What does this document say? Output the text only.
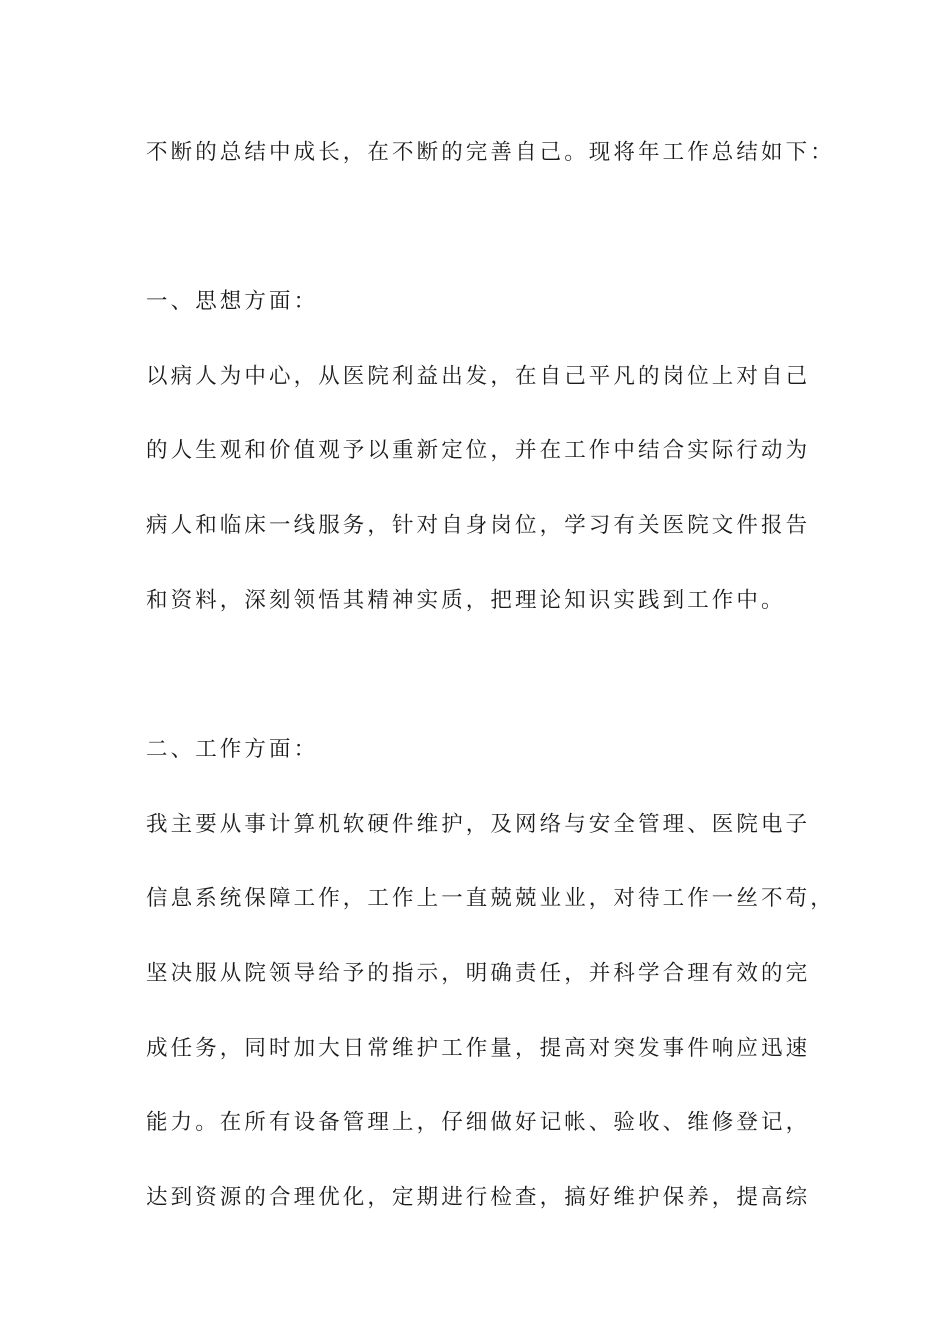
不断的总结中成长，在不断的完善自己。现将年工作总结如下：
一、思想方面：
以病人为中心，从医院利益出发，在自己平凡的岗位上对自己
的人生观和价值观予以重新定位，并在工作中结合实际行动为
病人和临床一线服务，针对自身岗位，学习有关医院文件报告
和资料，深刻领悟其精神实质，把理论知识实践到工作中。
二、工作方面：
我主要从事计算机软硬件维护，及网络与安全管理、医院电子
信息系统保障工作，工作上一直兢兢业业，对待工作一丝不苟，
坚决服从院领导给予的指示，明确责任，并科学合理有效的完
成任务，同时加大日常维护工作量，提高对突发事件响应迅速
能力。在所有设备管理上，仔细做好记帐、验收、维修登记，
达到资源的合理优化，定期进行检查，搞好维护保养，提高综
